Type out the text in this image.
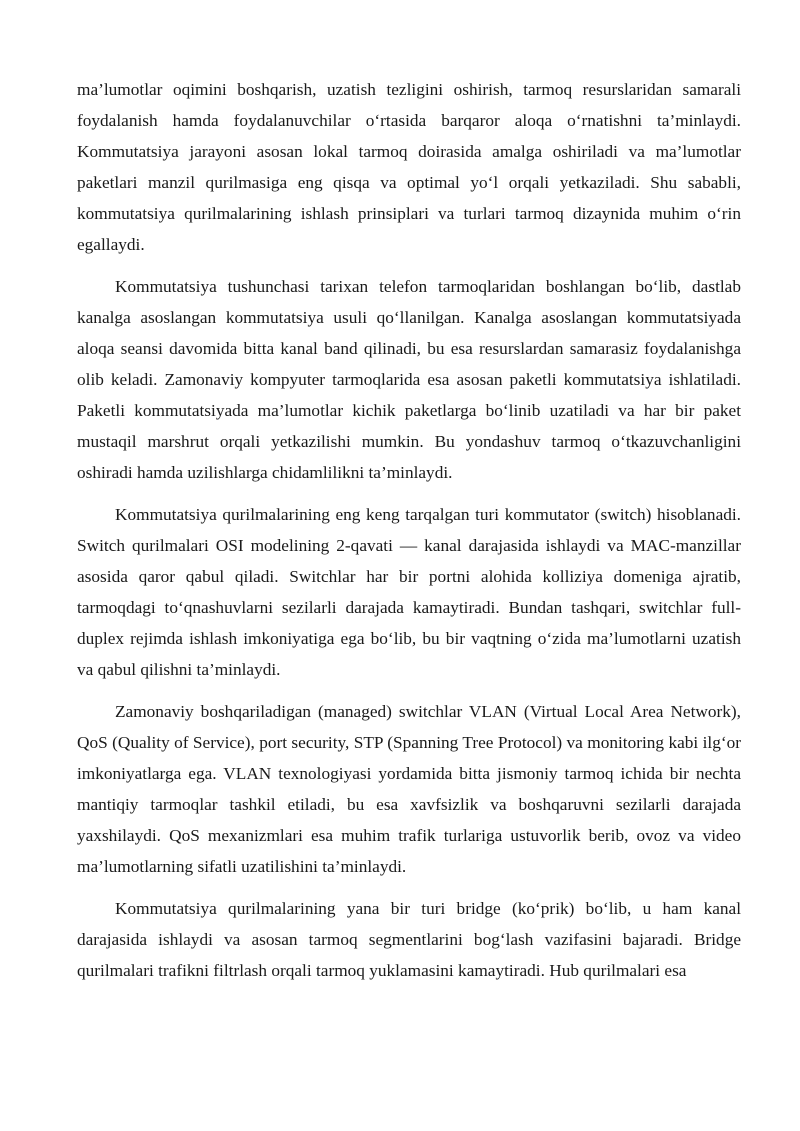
ma’lumotlar oqimini boshqarish, uzatish tezligini oshirish, tarmoq resurslaridan samarali foydalanish hamda foydalanuvchilar o‘rtasida barqaror aloqa o‘rnatishni ta’minlaydi. Kommutatsiya jarayoni asosan lokal tarmoq doirasida amalga oshiriladi va ma’lumotlar paketlari manzil qurilmasiga eng qisqa va optimal yo‘l orqali yetkaziladi. Shu sababli, kommutatsiya qurilmalarining ishlash prinsiplari va turlari tarmoq dizaynida muhim o‘rin egallaydi.

Kommutatsiya tushunchasi tarixan telefon tarmoqlaridan boshlangan bo‘lib, dastlab kanalga asoslangan kommutatsiya usuli qo‘llanilgan. Kanalga asoslangan kommutatsiyada aloqa seansi davomida bitta kanal band qilinadi, bu esa resurslardan samarasiz foydalanishga olib keladi. Zamonaviy kompyuter tarmoqlarida esa asosan paketli kommutatsiya ishlatiladi. Paketli kommutatsiyada ma’lumotlar kichik paketlarga bo‘linib uzatiladi va har bir paket mustaqil marshrut orqali yetkazilishi mumkin. Bu yondashuv tarmoq o‘tkazuvchanligini oshiradi hamda uzilishlarga chidamlilikni ta’minlaydi.

Kommutatsiya qurilmalarining eng keng tarqalgan turi kommutator (switch) hisoblanadi. Switch qurilmalari OSI modelining 2-qavati — kanal darajasida ishlaydi va MAC-manzillar asosida qaror qabul qiladi. Switchlar har bir portni alohida kolliziya domeniga ajratib, tarmoqdagi to‘qnashuvlarni sezilarli darajada kamaytiradi. Bundan tashqari, switchlar full-duplex rejimda ishlash imkoniyatiga ega bo‘lib, bu bir vaqtning o‘zida ma’lumotlarni uzatish va qabul qilishni ta’minlaydi.

Zamonaviy boshqariladigan (managed) switchlar VLAN (Virtual Local Area Network), QoS (Quality of Service), port security, STP (Spanning Tree Protocol) va monitoring kabi ilg‘or imkoniyatlarga ega. VLAN texnologiyasi yordamida bitta jismoniy tarmoq ichida bir nechta mantiqiy tarmoqlar tashkil etiladi, bu esa xavfsizlik va boshqaruvni sezilarli darajada yaxshilaydi. QoS mexanizmlari esa muhim trafik turlariga ustuvorlik berib, ovoz va video ma’lumotlarning sifatli uzatilishini ta’minlaydi.

Kommutatsiya qurilmalarining yana bir turi bridge (ko‘prik) bo‘lib, u ham kanal darajasida ishlaydi va asosan tarmoq segmentlarini bog‘lash vazifasini bajaradi. Bridge qurilmalari trafikni filtrlash orqali tarmoq yuklamasini kamaytiradi. Hub qurilmalari esa
